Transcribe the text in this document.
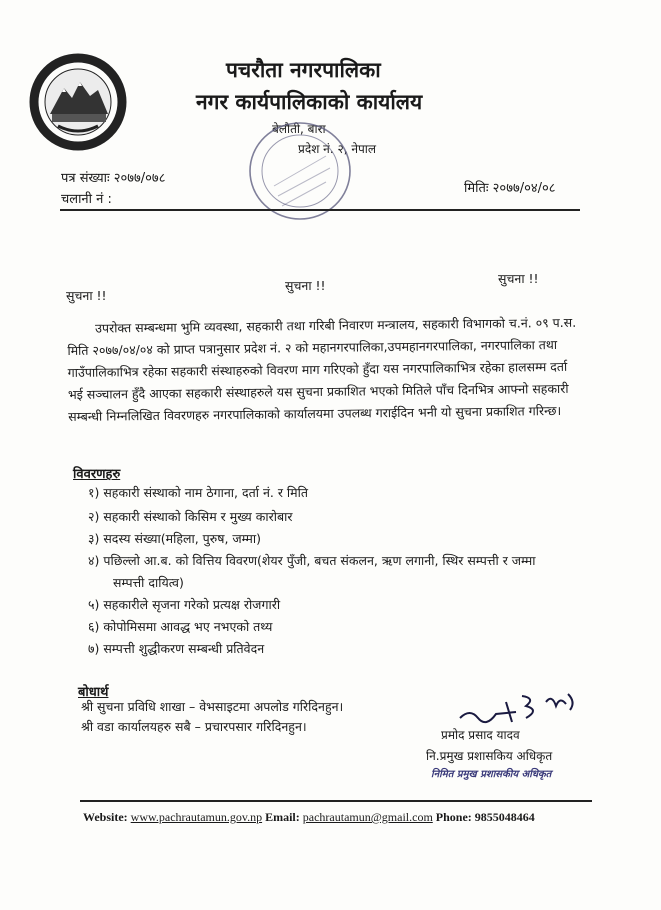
पचरौता नगरपालिका
नगर कार्यपालिकाको कार्यालय
बेलौती, बारा
प्रदेश नं. २, नेपाल
पत्र संख्याः २०७७/०७८
चलानी नं :
मितिः २०७७/०४/०८
सुचना !!
सुचना !!	सुचना !!
उपरोक्त सम्बन्धमा भुमि व्यवस्था, सहकारी तथा गरिबी निवारण मन्त्रालय, सहकारी विभागको च.नं. ०९ प.स. मिति २०७७/०४/०४ को प्राप्त पत्रानुसार प्रदेश नं. २ को महानगरपालिका,उपमहानगरपालिका, नगरपालिका तथा गाउँपालिकाभित्र रहेका सहकारी संस्थाहरुको विवरण माग गरिएको हुँदा यस नगरपालिकाभित्र रहेका हालसम्म दर्ता भई सञ्चालन हुँदै आएका सहकारी संस्थाहरुले यस सुचना प्रकाशित भएको मितिले पाँच दिनभित्र आफ्नो सहकारी सम्बन्धी निम्नलिखित विवरणहरु नगरपालिकाको कार्यालयमा उपलब्ध गराईदिन भनी यो सुचना प्रकाशित गरिन्छ।
विवरणहरु
१) सहकारी संस्थाको नाम ठेगाना, दर्ता नं. र मिति
२) सहकारी संस्थाको किसिम र मुख्य कारोबार
३) सदस्य संख्या(महिला, पुरुष, जम्मा)
४) पछिल्लो आ.ब. को वित्तिय विवरण(शेयर पुँजी, बचत संकलन, ऋण लगानी, स्थिर सम्पत्ती र जम्मा
सम्पत्ती दायित्व)
५) सहकारीले सृजना गरेको प्रत्यक्ष रोजगारी
६) कोपोमिसमा आवद्ध भए नभएको तथ्य
७) सम्पत्ती शुद्धीकरण सम्बन्धी प्रतिवेदन
बोधार्थ
श्री सुचना प्रविधि शाखा – वेभसाइटमा अपलोड गरिदिनहुन।
श्री वडा कार्यालयहरु सबै – प्रचारपसार गरिदिनहुन।
प्रमोद प्रसाद यादव
नि.प्रमुख प्रशासकिय अधिकृत
निमित प्रमुख प्रशासकीय अधिकृत
Website: www.pachrautamun.gov.np Email: pachrautamun@gmail.com Phone: 9855048464
